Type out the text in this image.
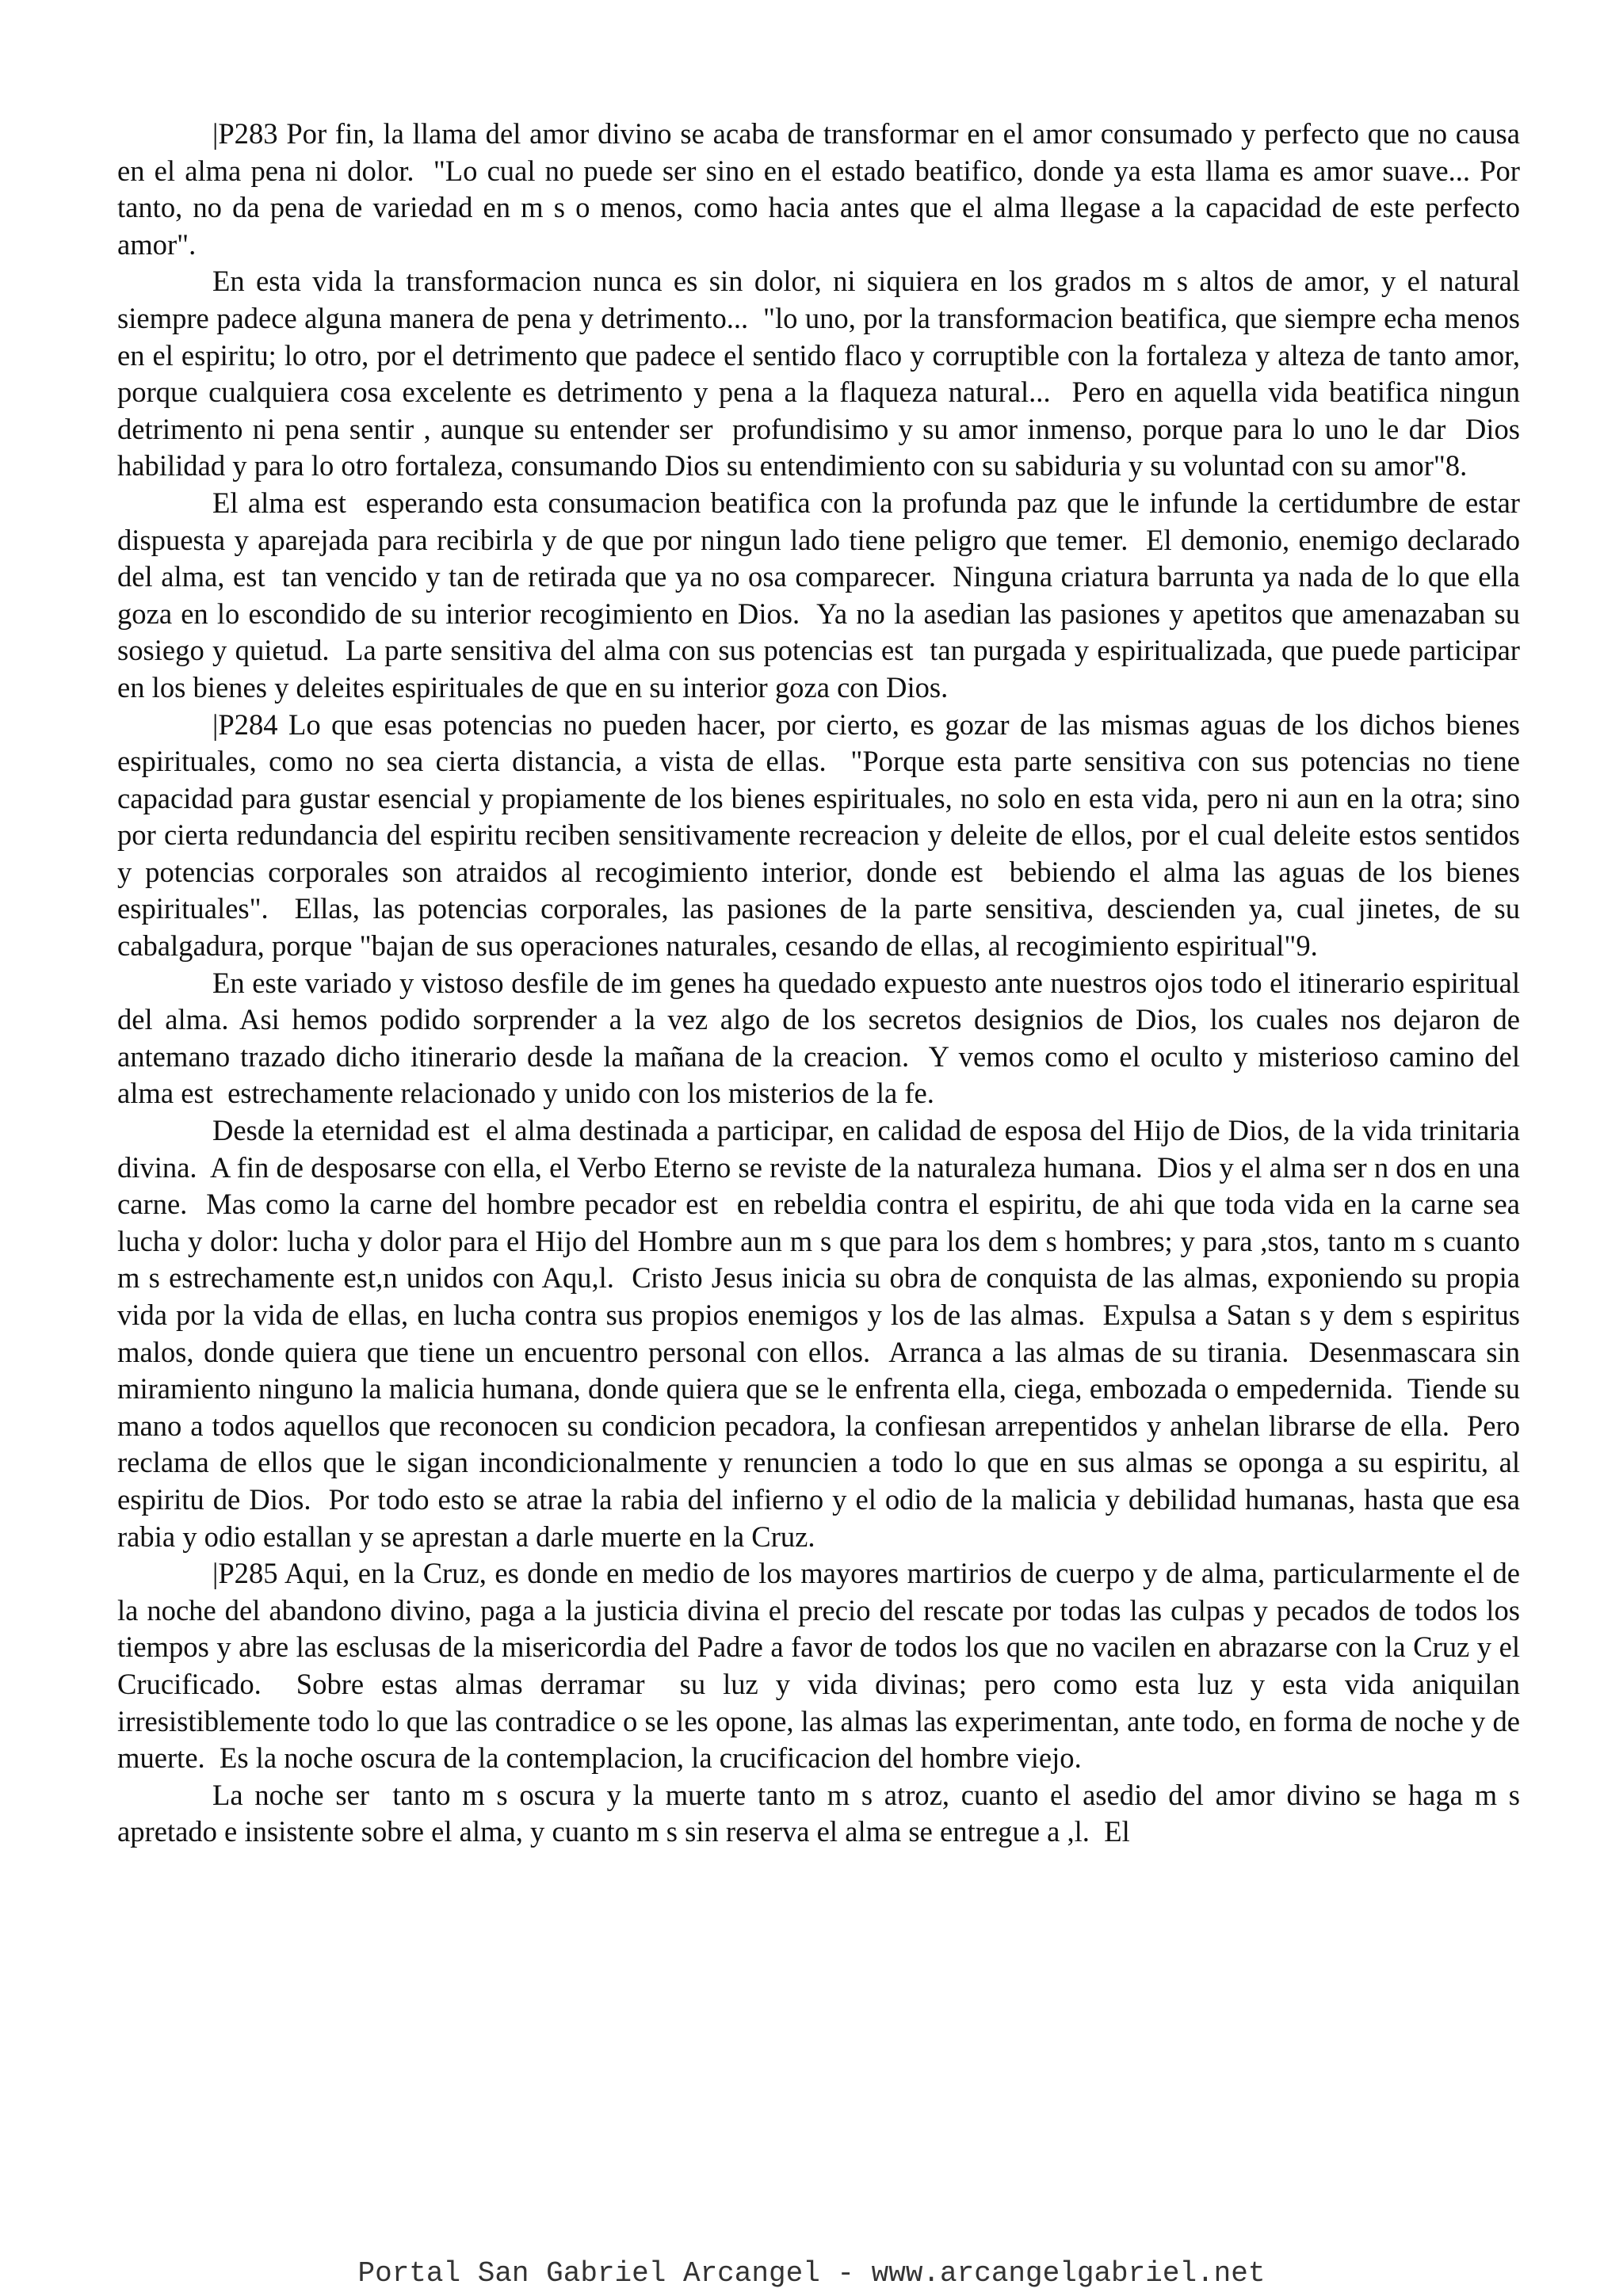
|P283 Por fin, la llama del amor divino se acaba de transformar en el amor consumado y perfecto que no causa en el alma pena ni dolor.  "Lo cual no puede ser sino en el estado beatifico, donde ya esta llama es amor suave... Por tanto, no da pena de variedad en m s o menos, como hacia antes que el alma llegase a la capacidad de este perfecto amor".

En esta vida la transformacion nunca es sin dolor, ni siquiera en los grados m s altos de amor, y el natural siempre padece alguna manera de pena y detrimento...  "lo uno, por la transformacion beatifica, que siempre echa menos en el espiritu; lo otro, por el detrimento que padece el sentido flaco y corruptible con la fortaleza y alteza de tanto amor, porque cualquiera cosa excelente es detrimento y pena a la flaqueza natural...  Pero en aquella vida beatifica ningun detrimento ni pena sentir , aunque su entender ser  profundisimo y su amor inmenso, porque para lo uno le dar  Dios habilidad y para lo otro fortaleza, consumando Dios su entendimiento con su sabiduria y su voluntad con su amor"8.

El alma est  esperando esta consumacion beatifica con la profunda paz que le infunde la certidumbre de estar dispuesta y aparejada para recibirla y de que por ningun lado tiene peligro que temer.  El demonio, enemigo declarado del alma, est  tan vencido y tan de retirada que ya no osa comparecer.  Ninguna criatura barrunta ya nada de lo que ella goza en lo escondido de su interior recogimiento en Dios.  Ya no la asedian las pasiones y apetitos que amenazaban su sosiego y quietud.  La parte sensitiva del alma con sus potencias est  tan purgada y espiritualizada, que puede participar en los bienes y deleites espirituales de que en su interior goza con Dios.

|P284 Lo que esas potencias no pueden hacer, por cierto, es gozar de las mismas aguas de los dichos bienes espirituales, como no sea cierta distancia, a vista de ellas.  "Porque esta parte sensitiva con sus potencias no tiene capacidad para gustar esencial y propiamente de los bienes espirituales, no solo en esta vida, pero ni aun en la otra; sino por cierta redundancia del espiritu reciben sensitivamente recreacion y deleite de ellos, por el cual deleite estos sentidos y potencias corporales son atraidos al recogimiento interior, donde est  bebiendo el alma las aguas de los bienes espirituales".  Ellas, las potencias corporales, las pasiones de la parte sensitiva, descienden ya, cual jinetes, de su cabalgadura, porque "bajan de sus operaciones naturales, cesando de ellas, al recogimiento espiritual"9.

En este variado y vistoso desfile de im genes ha quedado expuesto ante nuestros ojos todo el itinerario espiritual del alma. Asi hemos podido sorprender a la vez algo de los secretos designios de Dios, los cuales nos dejaron de antemano trazado dicho itinerario desde la mañana de la creacion.  Y vemos como el oculto y misterioso camino del alma est  estrechamente relacionado y unido con los misterios de la fe.

Desde la eternidad est  el alma destinada a participar, en calidad de esposa del Hijo de Dios, de la vida trinitaria divina.  A fin de desposarse con ella, el Verbo Eterno se reviste de la naturaleza humana.  Dios y el alma ser n dos en una carne.  Mas como la carne del hombre pecador est  en rebeldia contra el espiritu, de ahi que toda vida en la carne sea lucha y dolor: lucha y dolor para el Hijo del Hombre aun m s que para los dem s hombres; y para ,stos, tanto m s cuanto m s estrechamente est,n unidos con Aqu,l.  Cristo Jesus inicia su obra de conquista de las almas, exponiendo su propia vida por la vida de ellas, en lucha contra sus propios enemigos y los de las almas.  Expulsa a Satan s y dem s espiritus malos, donde quiera que tiene un encuentro personal con ellos.  Arranca a las almas de su tirania.  Desenmascara sin miramiento ninguno la malicia humana, donde quiera que se le enfrenta ella, ciega, embozada o empedernida.  Tiende su mano a todos aquellos que reconocen su condicion pecadora, la confiesan arrepentidos y anhelan librarse de ella.  Pero reclama de ellos que le sigan incondicionalmente y renuncien a todo lo que en sus almas se oponga a su espiritu, al espiritu de Dios.  Por todo esto se atrae la rabia del infierno y el odio de la malicia y debilidad humanas, hasta que esa rabia y odio estallan y se aprestan a darle muerte en la Cruz.

|P285 Aqui, en la Cruz, es donde en medio de los mayores martirios de cuerpo y de alma, particularmente el de la noche del abandono divino, paga a la justicia divina el precio del rescate por todas las culpas y pecados de todos los tiempos y abre las esclusas de la misericordia del Padre a favor de todos los que no vacilen en abrazarse con la Cruz y el Crucificado.  Sobre estas almas derramar  su luz y vida divinas; pero como esta luz y esta vida aniquilan irresistiblemente todo lo que las contradice o se les opone, las almas las experimentan, ante todo, en forma de noche y de muerte.  Es la noche oscura de la contemplacion, la crucificacion del hombre viejo.

La noche ser  tanto m s oscura y la muerte tanto m s atroz, cuanto el asedio del amor divino se haga m s apretado e insistente sobre el alma, y cuanto m s sin reserva el alma se entregue a ,l.  El

Portal San Gabriel Arcangel - www.arcangelgabriel.net
